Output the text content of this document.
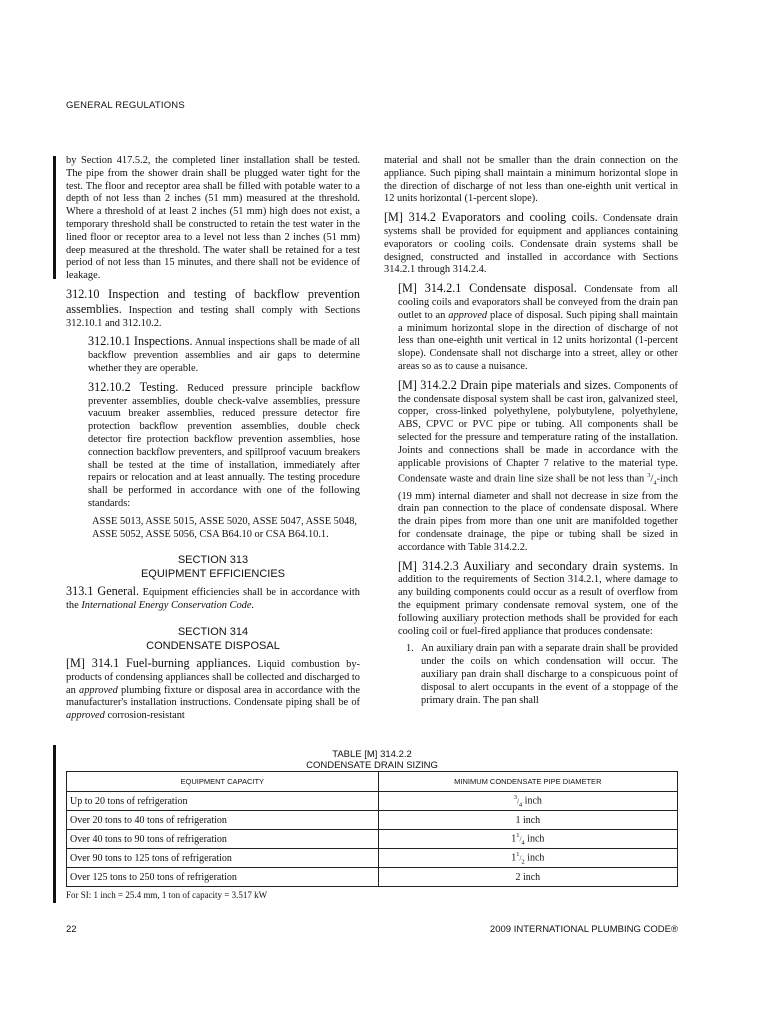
GENERAL REGULATIONS

by Section 417.5.2, the completed liner installation shall be tested. The pipe from the shower drain shall be plugged water tight for the test. The floor and receptor area shall be filled with potable water to a depth of not less than 2 inches (51 mm) measured at the threshold. Where a threshold of at least 2 inches (51 mm) high does not exist, a temporary threshold shall be constructed to retain the test water in the lined floor or receptor area to a level not less than 2 inches (51 mm) deep measured at the threshold. The water shall be retained for a test period of not less than 15 minutes, and there shall not be evidence of leakage.

312.10 Inspection and testing of backflow prevention assemblies. Inspection and testing shall comply with Sections 312.10.1 and 312.10.2.

312.10.1 Inspections. Annual inspections shall be made of all backflow prevention assemblies and air gaps to determine whether they are operable.

312.10.2 Testing. Reduced pressure principle backflow preventer assemblies, double check-valve assemblies, pressure vacuum breaker assemblies, reduced pressure detector fire protection backflow prevention assemblies, double check detector fire protection backflow prevention assemblies, hose connection backflow preventers, and spillproof vacuum breakers shall be tested at the time of installation, immediately after repairs or relocation and at least annually. The testing procedure shall be performed in accordance with one of the following standards:

ASSE 5013, ASSE 5015, ASSE 5020, ASSE 5047, ASSE 5048, ASSE 5052, ASSE 5056, CSA B64.10 or CSA B64.10.1.

SECTION 313
EQUIPMENT EFFICIENCIES

313.1 General. Equipment efficiencies shall be in accordance with the International Energy Conservation Code.

SECTION 314
CONDENSATE DISPOSAL

[M] 314.1 Fuel-burning appliances. Liquid combustion by-products of condensing appliances shall be collected and discharged to an approved plumbing fixture or disposal area in accordance with the manufacturer's installation instructions. Condensate piping shall be of approved corrosion-resistant

material and shall not be smaller than the drain connection on the appliance. Such piping shall maintain a minimum horizontal slope in the direction of discharge of not less than one-eighth unit vertical in 12 units horizontal (1-percent slope).

[M] 314.2 Evaporators and cooling coils. Condensate drain systems shall be provided for equipment and appliances containing evaporators or cooling coils. Condensate drain systems shall be designed, constructed and installed in accordance with Sections 314.2.1 through 314.2.4.

[M] 314.2.1 Condensate disposal. Condensate from all cooling coils and evaporators shall be conveyed from the drain pan outlet to an approved place of disposal. Such piping shall maintain a minimum horizontal slope in the direction of discharge of not less than one-eighth unit vertical in 12 units horizontal (1-percent slope). Condensate shall not discharge into a street, alley or other areas so as to cause a nuisance.

[M] 314.2.2 Drain pipe materials and sizes. Components of the condensate disposal system shall be cast iron, galvanized steel, copper, cross-linked polyethylene, polybutylene, polyethylene, ABS, CPVC or PVC pipe or tubing. All components shall be selected for the pressure and temperature rating of the installation. Joints and connections shall be made in accordance with the applicable provisions of Chapter 7 relative to the material type. Condensate waste and drain line size shall be not less than $^3/_4$-inch (19 mm) internal diameter and shall not decrease in size from the drain pan connection to the place of condensate disposal. Where the drain pipes from more than one unit are manifolded together for condensate drainage, the pipe or tubing shall be sized in accordance with Table 314.2.2.

[M] 314.2.3 Auxiliary and secondary drain systems. In addition to the requirements of Section 314.2.1, where damage to any building components could occur as a result of overflow from the equipment primary condensate removal system, one of the following auxiliary protection methods shall be provided for each cooling coil or fuel-fired appliance that produces condensate:

1. An auxiliary drain pan with a separate drain shall be provided under the coils on which condensation will occur. The auxiliary pan drain shall discharge to a conspicuous point of disposal to alert occupants in the event of a stoppage of the primary drain. The pan shall
TABLE [M] 314.2.2
CONDENSATE DRAIN SIZING
EQUIPMENT CAPACITY	MINIMUM CONDENSATE PIPE DIAMETER
Up to 20 tons of refrigeration	$^3/_4$ inch
Over 20 tons to 40 tons of refrigeration	1 inch
Over 40 tons to 90 tons of refrigeration	$1^1/_4$ inch
Over 90 tons to 125 tons of refrigeration	$1^1/_2$ inch
Over 125 tons to 250 tons of refrigeration	2 inch
For SI: 1 inch = 25.4 mm, 1 ton of capacity = 3.517 kW
22	2009 INTERNATIONAL PLUMBING CODE®
